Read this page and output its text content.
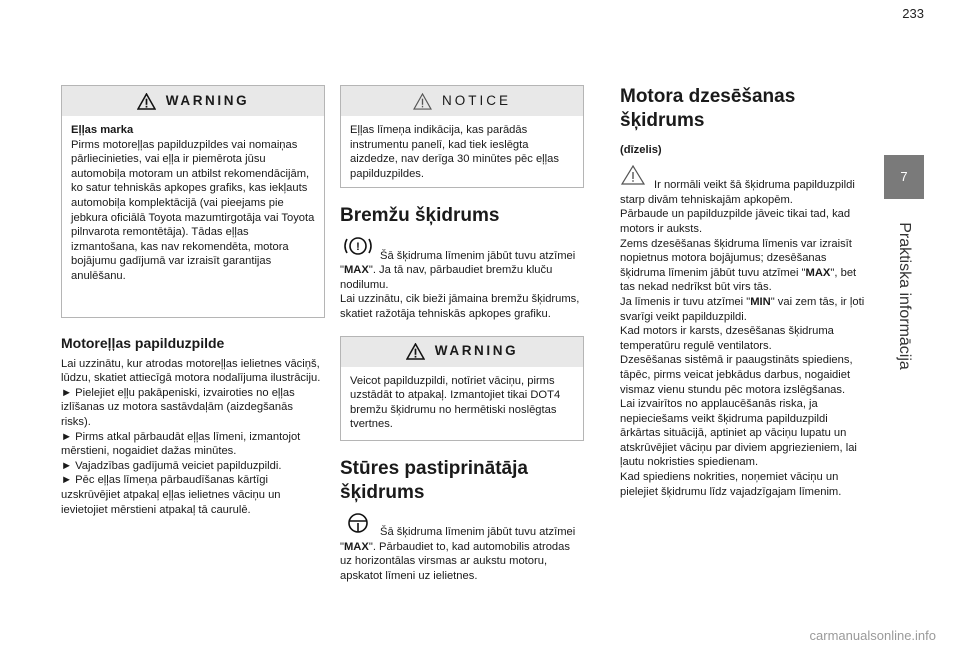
233
7
Praktiska informācija
WARNING
Eļļas marka
Pirms motoreļļas papilduzpildes vai nomaiņas pārliecinieties, vai eļļa ir piemērota jūsu automobiļa motoram un atbilst rekomendācijām, ko satur tehniskās apkopes grafiks, kas iekļauts automobiļa komplektācijā (vai pieejams pie jebkura oficiālā Toyota mazumtirgotāja vai Toyota pilnvarota remontētāja). Tādas eļļas izmantošana, kas nav rekomendēta, motora bojājumu gadījumā var izraisīt garantijas anulēšanu.
Motoreļļas papilduzpilde
Lai uzzinātu, kur atrodas motoreļļas ielietnes vāciņš, lūdzu, skatiet attiecīgā motora nodalījuma ilustrāciju.
► Pielejiet eļļu pakāpeniski, izvairoties no eļļas izlīšanas uz motora sastāvdaļām (aizdegšanās risks).
► Pirms atkal pārbaudāt eļļas līmeni, izmantojot mērstieni, nogaidiet dažas minūtes.
► Vajadzības gadījumā veiciet papilduzpildi.
► Pēc eļļas līmeņa pārbaudīšanas kārtīgi uzskrūvējiet atpakaļ eļļas ielietnes vāciņu un ievietojiet mērstieni atpakaļ tā caurulē.
NOTICE
Eļļas līmeņa indikācija, kas parādās instrumentu panelī, kad tiek ieslēgta aizdedze, nav derīga 30 minūtes pēc eļļas papilduzpildes.
Bremžu šķidrums
!

Šā šķidruma līmenim jābūt tuvu atzīmei "MAX". Ja tā nav, pārbaudiet bremžu kluču nodilumu.
Lai uzzinātu, cik bieži jāmaina bremžu šķidrums, skatiet ražotāja tehniskās apkopes grafiku.

WARNING
Veicot papilduzpildi, notīriet vāciņu, pirms uzstādāt to atpakaļ. Izmantojiet tikai DOT4 bremžu šķidrumu no hermētiski noslēgtas tvertnes.
Stūres pastiprinātāja šķidrums

Šā šķidruma līmenim jābūt tuvu atzīmei "MAX". Pārbaudiet to, kad automobilis atrodas uz horizontālas virsmas ar aukstu motoru, apskatot līmeni uz ielietnes.

Motora dzesēšanas šķidrums
(dīzelis)

Ir normāli veikt šā šķidruma papilduzpildi starp divām tehniskajām apkopēm.
Pārbaude un papilduzpilde jāveic tikai tad, kad motors ir auksts.
Zems dzesēšanas šķidruma līmenis var izraisīt nopietnus motora bojājumus; dzesēšanas šķidruma līmenim jābūt tuvu atzīmei "MAX", bet tas nekad nedrīkst būt virs tās.
Ja līmenis ir tuvu atzīmei "MIN" vai zem tās, ir ļoti svarīgi veikt papilduzpildi.
Kad motors ir karsts, dzesēšanas šķidruma temperatūru regulē ventilators.
Dzesēšanas sistēmā ir paaugstināts spiediens, tāpēc, pirms veicat jebkādus darbus, nogaidiet vismaz vienu stundu pēc motora izslēgšanas.
Lai izvairītos no applaucēšanās riska, ja nepieciešams veikt šķidruma papilduzpildi ārkārtas situācijā, aptiniet ap vāciņu lupatu un atskrūvējiet vāciņu par diviem apgriezieniem, lai ļautu nokristies spiedienam.
Kad spiediens nokrities, noņemiet vāciņu un pielejiet šķidrumu līdz vajadzīgajam līmenim.

carmanualsonline.info
